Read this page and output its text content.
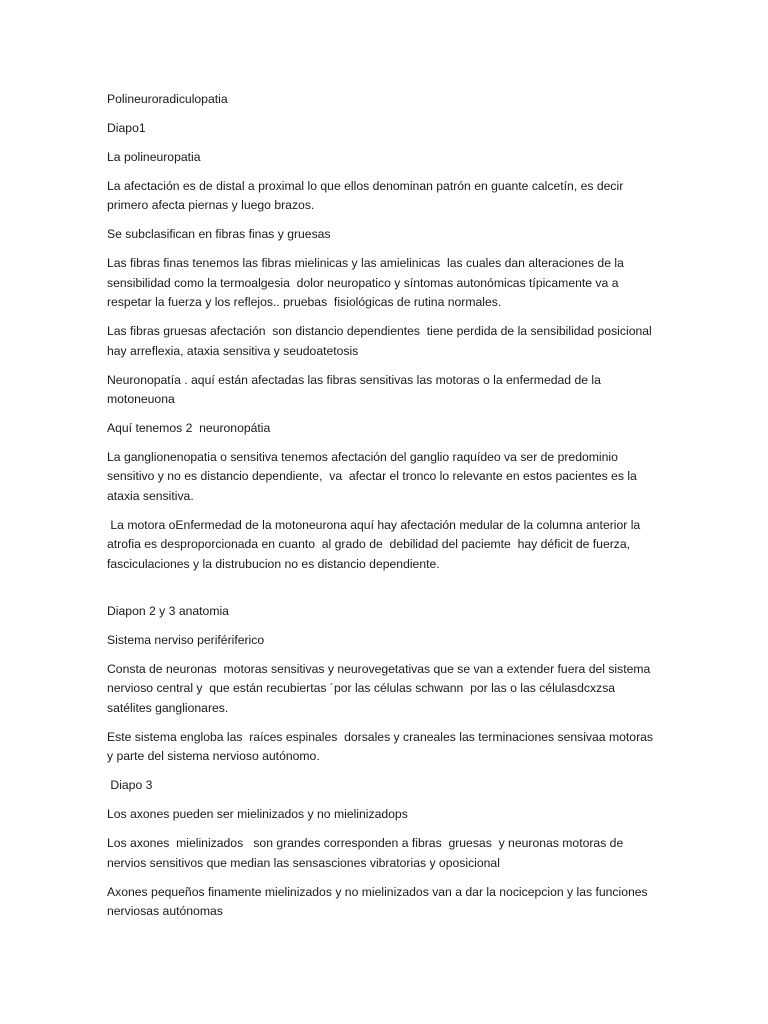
Polineuroradiculopatia

Diapo1

La polineuropatia

La afectación es de distal a proximal lo que ellos denominan patrón en guante calcetín, es decir primero afecta piernas y luego brazos.

Se subclasifican en fibras finas y gruesas

Las fibras finas tenemos las fibras mielinicas y las amielinicas  las cuales dan alteraciones de la sensibilidad como la termoalgesia  dolor neuropatico y síntomas autonómicas típicamente va a respetar la fuerza y los reflejos.. pruebas  fisiológicas de rutina normales.

Las fibras gruesas afectación  son distancio dependientes  tiene perdida de la sensibilidad posicional hay arreflexia, ataxia sensitiva y seudoatetosis

Neuronopatía . aquí están afectadas las fibras sensitivas las motoras o la enfermedad de la motoneuona

Aquí tenemos 2  neuronopátia

La ganglionenopatia o sensitiva tenemos afectación del ganglio raquídeo va ser de predominio sensitivo y no es distancio dependiente,  va  afectar el tronco lo relevante en estos pacientes es la ataxia sensitiva.

La motora oEnfermedad de la motoneurona aquí hay afectación medular de la columna anterior la atrofia es desproporcionada en cuanto  al grado de  debilidad del paciemte  hay déficit de fuerza, fasciculaciones y la distrubucion no es distancio dependiente.

Diapon 2 y 3 anatomia

Sistema nerviso perifériferico

Consta de neuronas  motoras sensitivas y neurovegetativas que se van a extender fuera del sistema nervioso central y  que están recubiertas ´por las células schwann  por las o las célulasdcxzsa satélites ganglionares.

Este sistema engloba las  raíces espinales  dorsales y craneales las terminaciones sensivaa motoras y parte del sistema nervioso autónomo.

Diapo 3

Los axones pueden ser mielinizados y no mielinizadops

Los axones  mielinizados   son grandes corresponden a fibras  gruesas  y neuronas motoras de nervios sensitivos que median las sensasciones vibratorias y oposicional

Axones pequeños finamente mielinizados y no mielinizados van a dar la nocicepcion y las funciones nerviosas autónomas
